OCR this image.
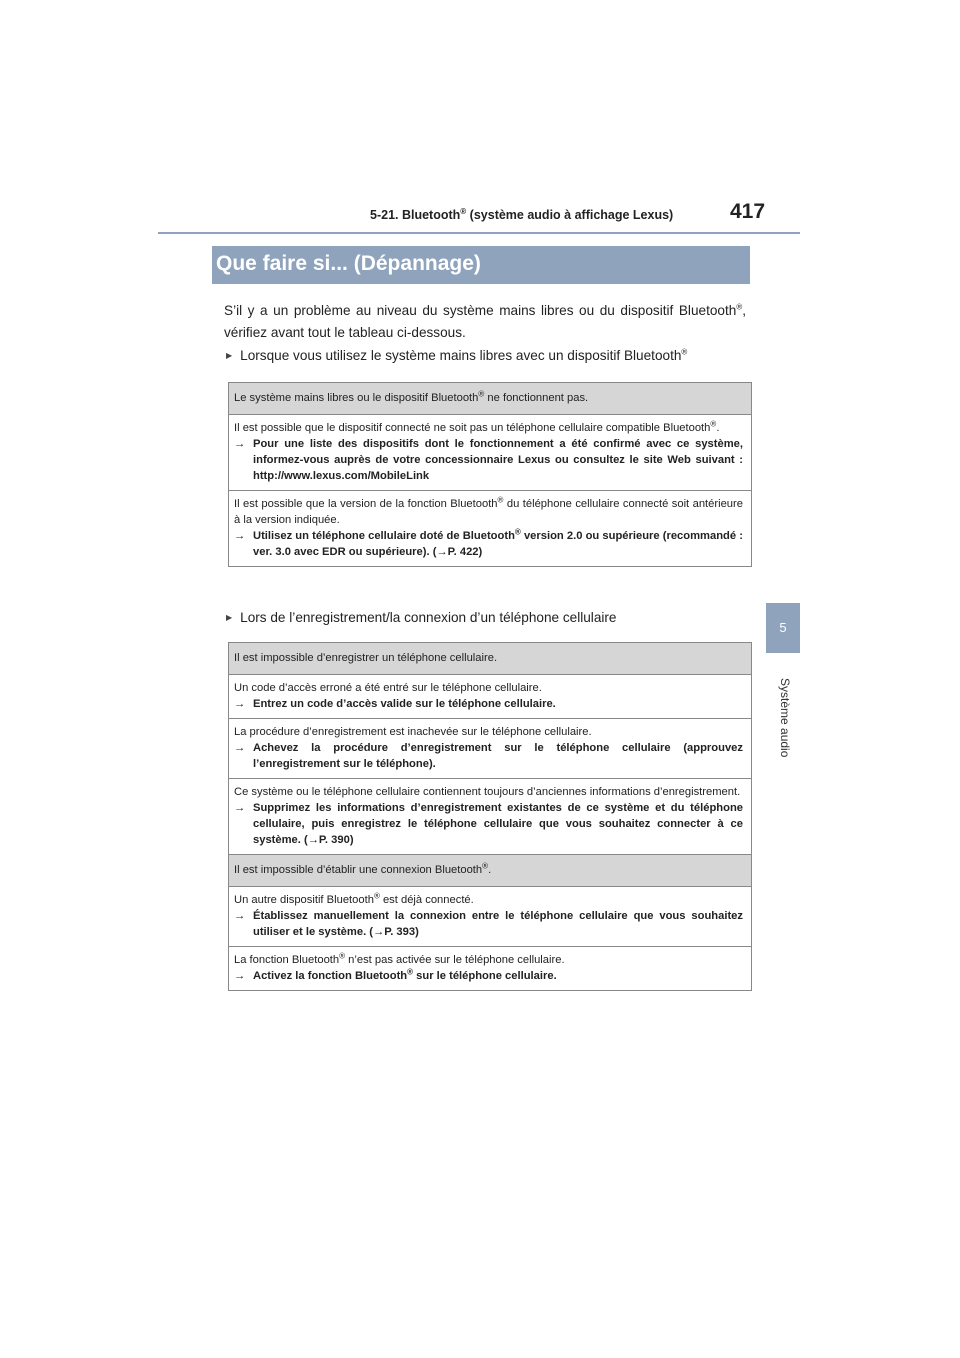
5-21. Bluetooth® (système audio à affichage Lexus)	417
5
Système audio
Que faire si... (Dépannage)
S’il y a un problème au niveau du système mains libres ou du dispositif Bluetooth®, vérifiez avant tout le tableau ci-dessous.
▶ Lorsque vous utilisez le système mains libres avec un dispositif Bluetooth®
Le système mains libres ou le dispositif Bluetooth® ne fonctionnent pas.
Il est possible que le dispositif connecté ne soit pas un téléphone cellulaire compatible Bluetooth®.
→ Pour une liste des dispositifs dont le fonctionnement a été confirmé avec ce système, informez-vous auprès de votre concessionnaire Lexus ou consultez le site Web suivant : http://www.lexus.com/MobileLink
Il est possible que la version de la fonction Bluetooth® du téléphone cellulaire connecté soit antérieure à la version indiquée.
→ Utilisez un téléphone cellulaire doté de Bluetooth® version 2.0 ou supérieure (recommandé : ver. 3.0 avec EDR ou supérieure). (→P. 422)
▶ Lors de l’enregistrement/la connexion d’un téléphone cellulaire
Il est impossible d’enregistrer un téléphone cellulaire.
Un code d’accès erroné a été entré sur le téléphone cellulaire.
→ Entrez un code d’accès valide sur le téléphone cellulaire.
La procédure d’enregistrement est inachevée sur le téléphone cellulaire.
→ Achevez la procédure d’enregistrement sur le téléphone cellulaire (approuvez l’enregistrement sur le téléphone).
Ce système ou le téléphone cellulaire contiennent toujours d’anciennes informations d’enregistrement.
→ Supprimez les informations d’enregistrement existantes de ce système et du téléphone cellulaire, puis enregistrez le téléphone cellulaire que vous souhaitez connecter à ce système. (→P. 390)
Il est impossible d’établir une connexion Bluetooth®.
Un autre dispositif Bluetooth® est déjà connecté.
→ Établissez manuellement la connexion entre le téléphone cellulaire que vous souhaitez utiliser et le système. (→P. 393)
La fonction Bluetooth® n’est pas activée sur le téléphone cellulaire.
→ Activez la fonction Bluetooth® sur le téléphone cellulaire.
